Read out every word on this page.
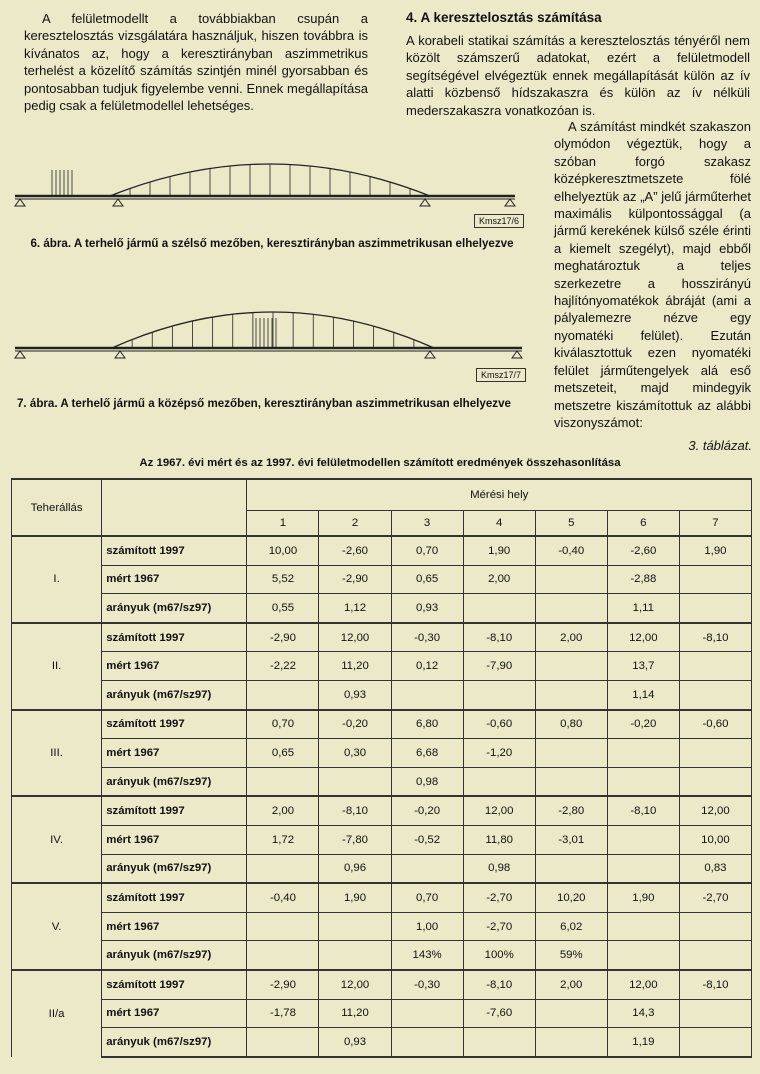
A felületmodellt a továbbiakban csupán a keresztelosztás vizsgálatára használjuk, hiszen továbbra is kívánatos az, hogy a keresztirányban aszimmetrikus terhelést a közelítő számítás szintjén minél gyorsabban és pontosabban tudjuk figyelembe venni. Ennek megállapítása pedig csak a felületmodellel lehetséges.
4. A keresztelosztás számítása
A korabeli statikai számítás a keresztelosztás tényéről nem közölt számszerű adatokat, ezért a felületmodell segítségével elvégeztük ennek megállapítását külön az ív alatti közbenső hídszakaszra és külön az ív nélküli mederszakaszra vonatkozóan is.
A számítást mindkét szakaszon olymódon végeztük, hogy a szóban forgó szakasz középkeresztmetszete fölé elhelyeztük az „A” jelű járműterhet maximális külpontossággal (a jármű kerekének külső széle érinti a kiemelt szegélyt), majd ebből meghatároztuk a teljes szerkezetre a hosszirányú hajlítónyomatékok ábráját (ami a pályalemezre nézve egy nyomatéki felület). Ezután kiválasztottuk ezen nyomatéki felület járműtengelyek alá eső metszeteit, majd mindegyik metszetre kiszámítottuk az alábbi viszonyszámot:
Kmsz17/6
6. ábra. A terhelő jármű a szélső mezőben, keresztirányban aszimmetrikusan elhelyezve
Kmsz17/7
7. ábra. A terhelő jármű a középső mezőben, keresztirányban aszimmetrikusan elhelyezve
3. táblázat.
Az 1967. évi mért és az 1997. évi felületmodellen számított eredmények összehasonlítása
Teherállás		Mérési hely						
		1	2	3	4	5	6	7
I.	számított 1997	10,00	-2,60	0,70	1,90	-0,40	-2,60	1,90
	mért 1967	5,52	-2,90	0,65	2,00		-2,88	
	arányuk (m67/sz97)	0,55	1,12	0,93			1,11	
II.	számított 1997	-2,90	12,00	-0,30	-8,10	2,00	12,00	-8,10
	mért 1967	-2,22	11,20	0,12	-7,90		13,7	
	arányuk (m67/sz97)		0,93				1,14	
III.	számított 1997	0,70	-0,20	6,80	-0,60	0,80	-0,20	-0,60
	mért 1967	0,65	0,30	6,68	-1,20			
	arányuk (m67/sz97)			0,98				
IV.	számított 1997	2,00	-8,10	-0,20	12,00	-2,80	-8,10	12,00
	mért 1967	1,72	-7,80	-0,52	11,80	-3,01		10,00
	arányuk (m67/sz97)		0,96		0,98			0,83
V.	számított 1997	-0,40	1,90	0,70	-2,70	10,20	1,90	-2,70
	mért 1967			1,00	-2,70	6,02		
	arányuk (m67/sz97)			143%	100%	59%		
II/a	számított 1997	-2,90	12,00	-0,30	-8,10	2,00	12,00	-8,10
	mért 1967	-1,78	11,20		-7,60		14,3	
	arányuk (m67/sz97)		0,93				1,19	
